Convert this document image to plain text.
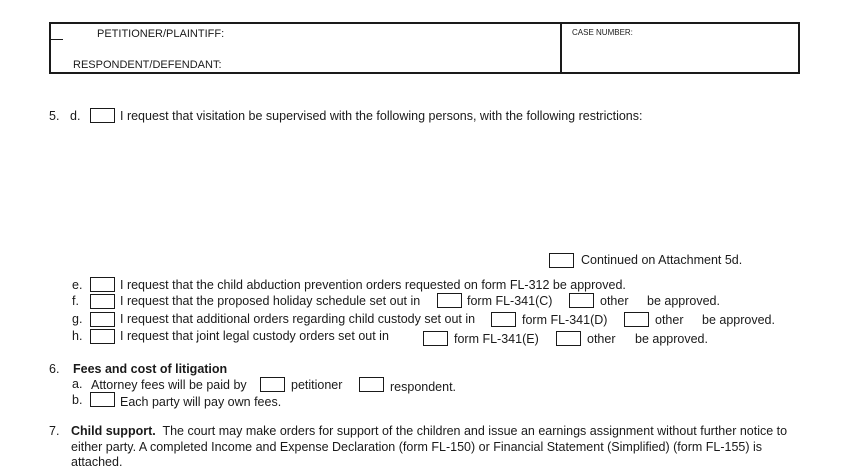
PETITIONER/PLAINTIFF:
RESPONDENT/DEFENDANT:
CASE NUMBER:
5. d.	I request that visitation be supervised with the following persons, with the following restrictions:
Continued on Attachment 5d.
e.	I request that the child abduction prevention orders requested on form FL-312 be approved.
f.	I request that the proposed holiday schedule set out in	form FL-341(C)	other be approved.
g.	I request that additional orders regarding child custody set out in	form FL-341(D)	other be approved.
h.	I request that joint legal custody orders set out in	form FL-341(E)	other be approved.
6. Fees and cost of litigation
a. Attorney fees will be paid by	petitioner	respondent.
b.	Each party will pay own fees.
7. Child support. The court may make orders for support of the children and issue an earnings assignment without further notice to
either party. A completed Income and Expense Declaration (form FL-150) or Financial Statement (Simplified) (form FL-155) is
attached.
